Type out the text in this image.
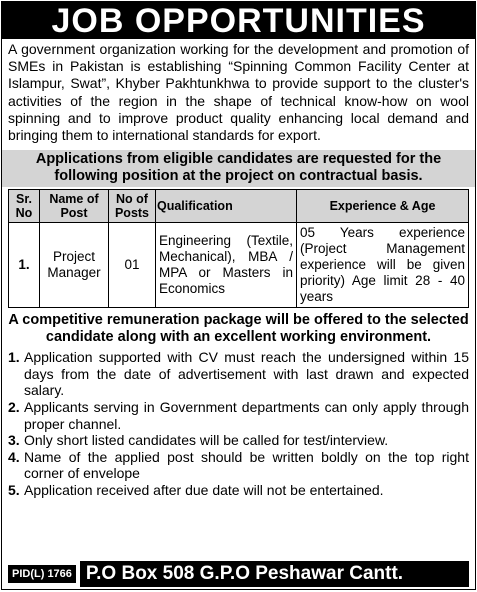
JOB OPPORTUNITIES
A government organization working for the development and promotion of SMEs in Pakistan is establishing “Spinning Common Facility Center at Islampur, Swat”, Khyber Pakhtunkhwa to provide support to the cluster's activities of the region in the shape of technical know-how on wool spinning and to improve product quality enhancing local demand and bringing them to international standards for export.
Applications from eligible candidates are requested for the following position at the project on contractual basis.
Sr. No	Name of Post	No of Posts	Qualification	Experience & Age
1.	Project Manager	01	Engineering (Textile, Mechanical), MBA / MPA or Masters in Economics	05 Years experience (Project Management experience will be given priority) Age limit 28 - 40 years
A competitive remuneration package will be offered to the selected candidate along with an excellent working environment.
1. Application supported with CV must reach the undersigned within 15 days from the date of advertisement with last drawn and expected salary.
2. Applicants serving in Government departments can only apply through proper channel.
3. Only short listed candidates will be called for test/interview.
4. Name of the applied post should be written boldly on the top right corner of envelope
5. Application received after due date will not be entertained.
PID(L) 1766 P.O Box 508 G.P.O Peshawar Cantt.
